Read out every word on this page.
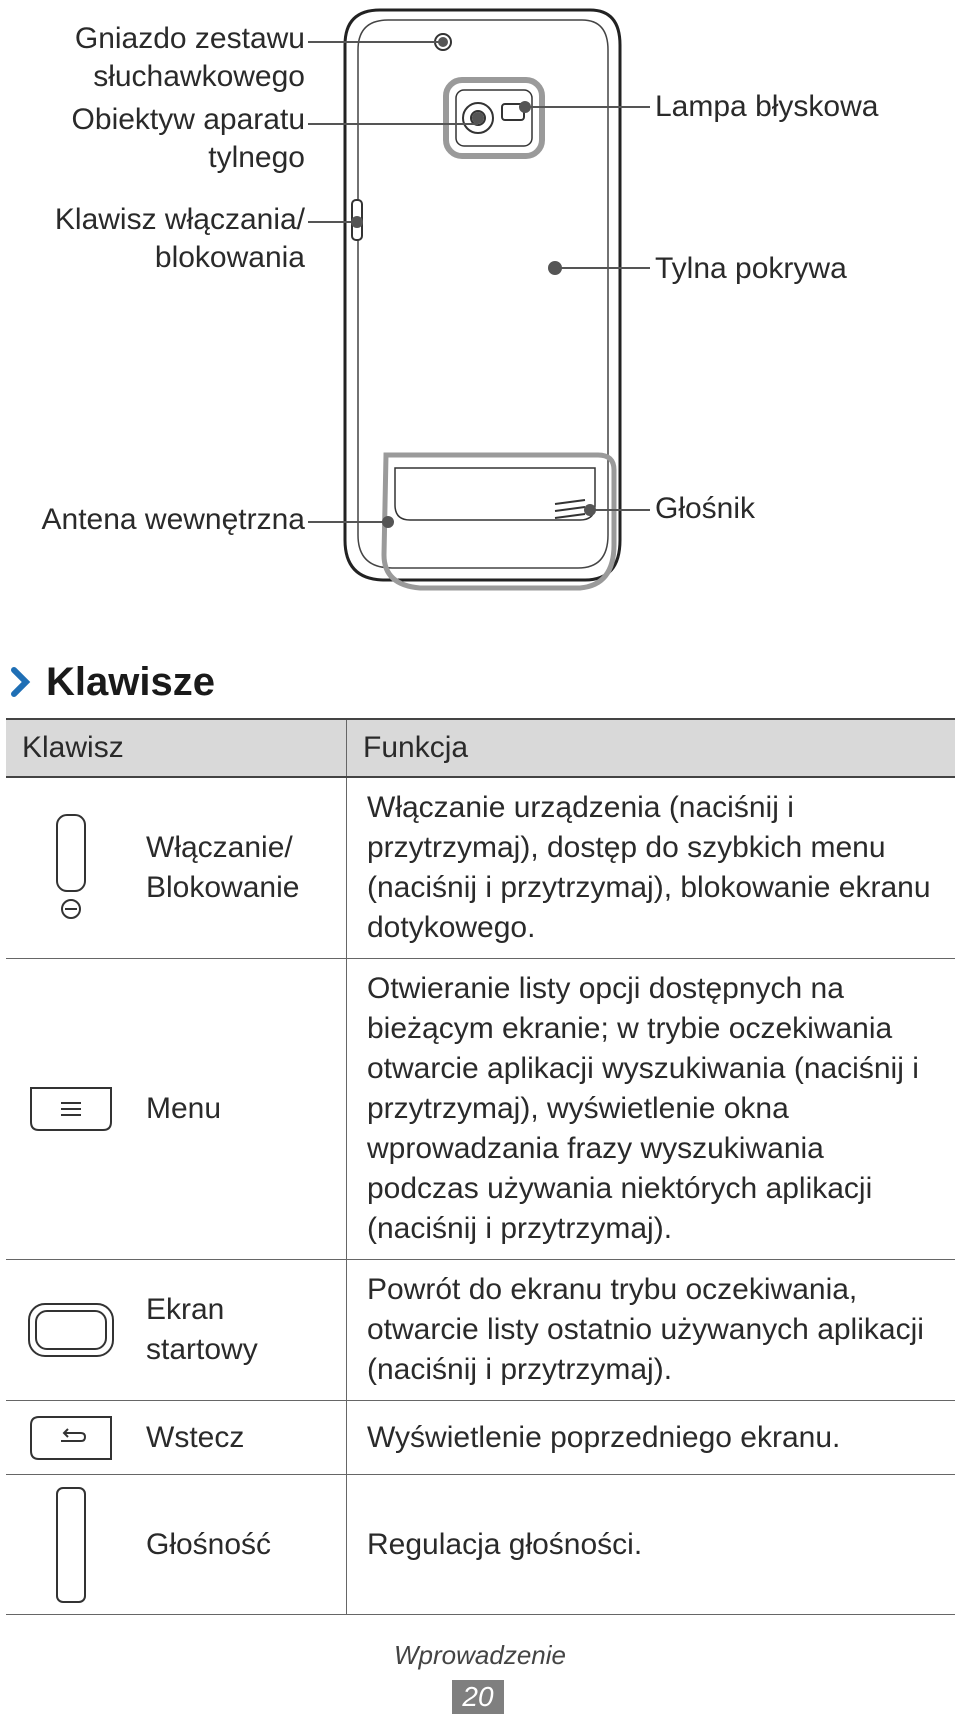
Gniazdo zestawu
słuchawkowego
Obiektyw aparatu
tylnego
Klawisz włączania/
blokowania
Lampa błyskowa
Tylna pokrywa
Antena wewnętrzna	Głośnik
Klawisze
Klawisz		Funkcja

	Włączanie/
Blokowanie	Włączanie urządzenia (naciśnij i przytrzymaj), dostęp do szybkich menu (naciśnij i przytrzymaj), blokowanie ekranu dotykowego.

	Menu	Otwieranie listy opcji dostępnych na bieżącym ekranie; w trybie oczekiwania otwarcie aplikacji wyszukiwania (naciśnij i przytrzymaj), wyświetlenie okna wprowadzania frazy wyszukiwania podczas używania niektórych aplikacji (naciśnij i przytrzymaj).

	Ekran
startowy	Powrót do ekranu trybu oczekiwania, otwarcie listy ostatnio używanych aplikacji (naciśnij i przytrzymaj).

	Wstecz	Wyświetlenie poprzedniego ekranu.

	Głośność	Regulacja głośności.
Wprowadzenie
20
